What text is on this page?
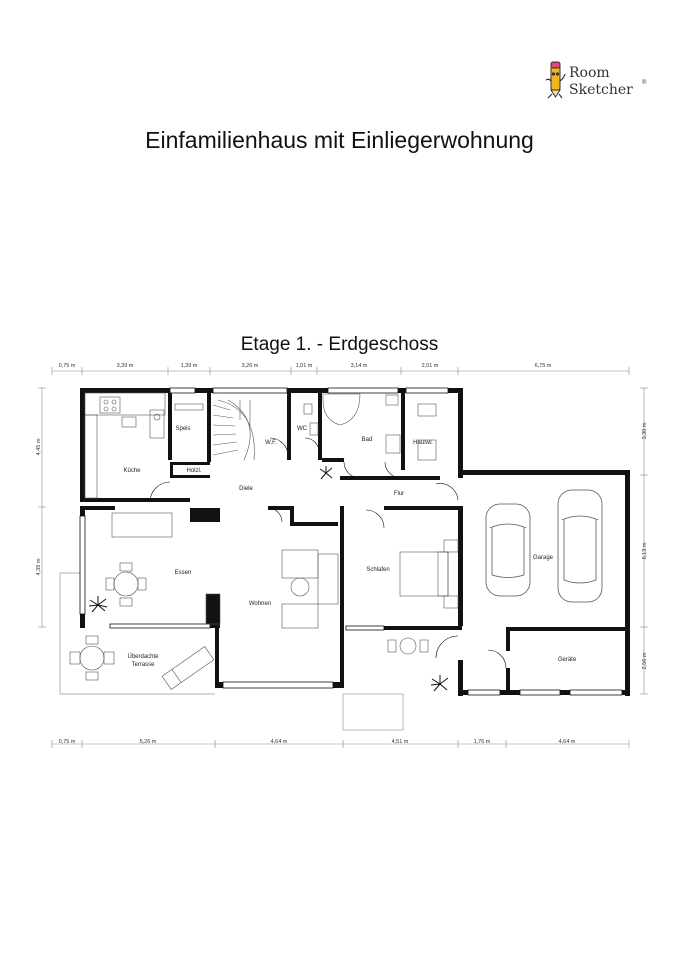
Room
Sketcher ®
Einfamilienhaus mit Einliegerwohnung
Etage 1. - Erdgeschoss
0,75 m	3,39 m	1,39 m	3,26 m	1,01 m	3,14 m	2,01 m	6,75 m
0,75 m	5,26 m	4,64 m	4,51 m	1,76 m	4,64 m
4,45 m
4,39 m
3,30 m
6,13 m
2,56 m
Küche
Speis
Holzl.
W.F.
WC
Bad	Hausw.
Diele
Flur
Essen
Wohnen
Schlafen
Garage
Geräte
Überdachte
Terrasse
